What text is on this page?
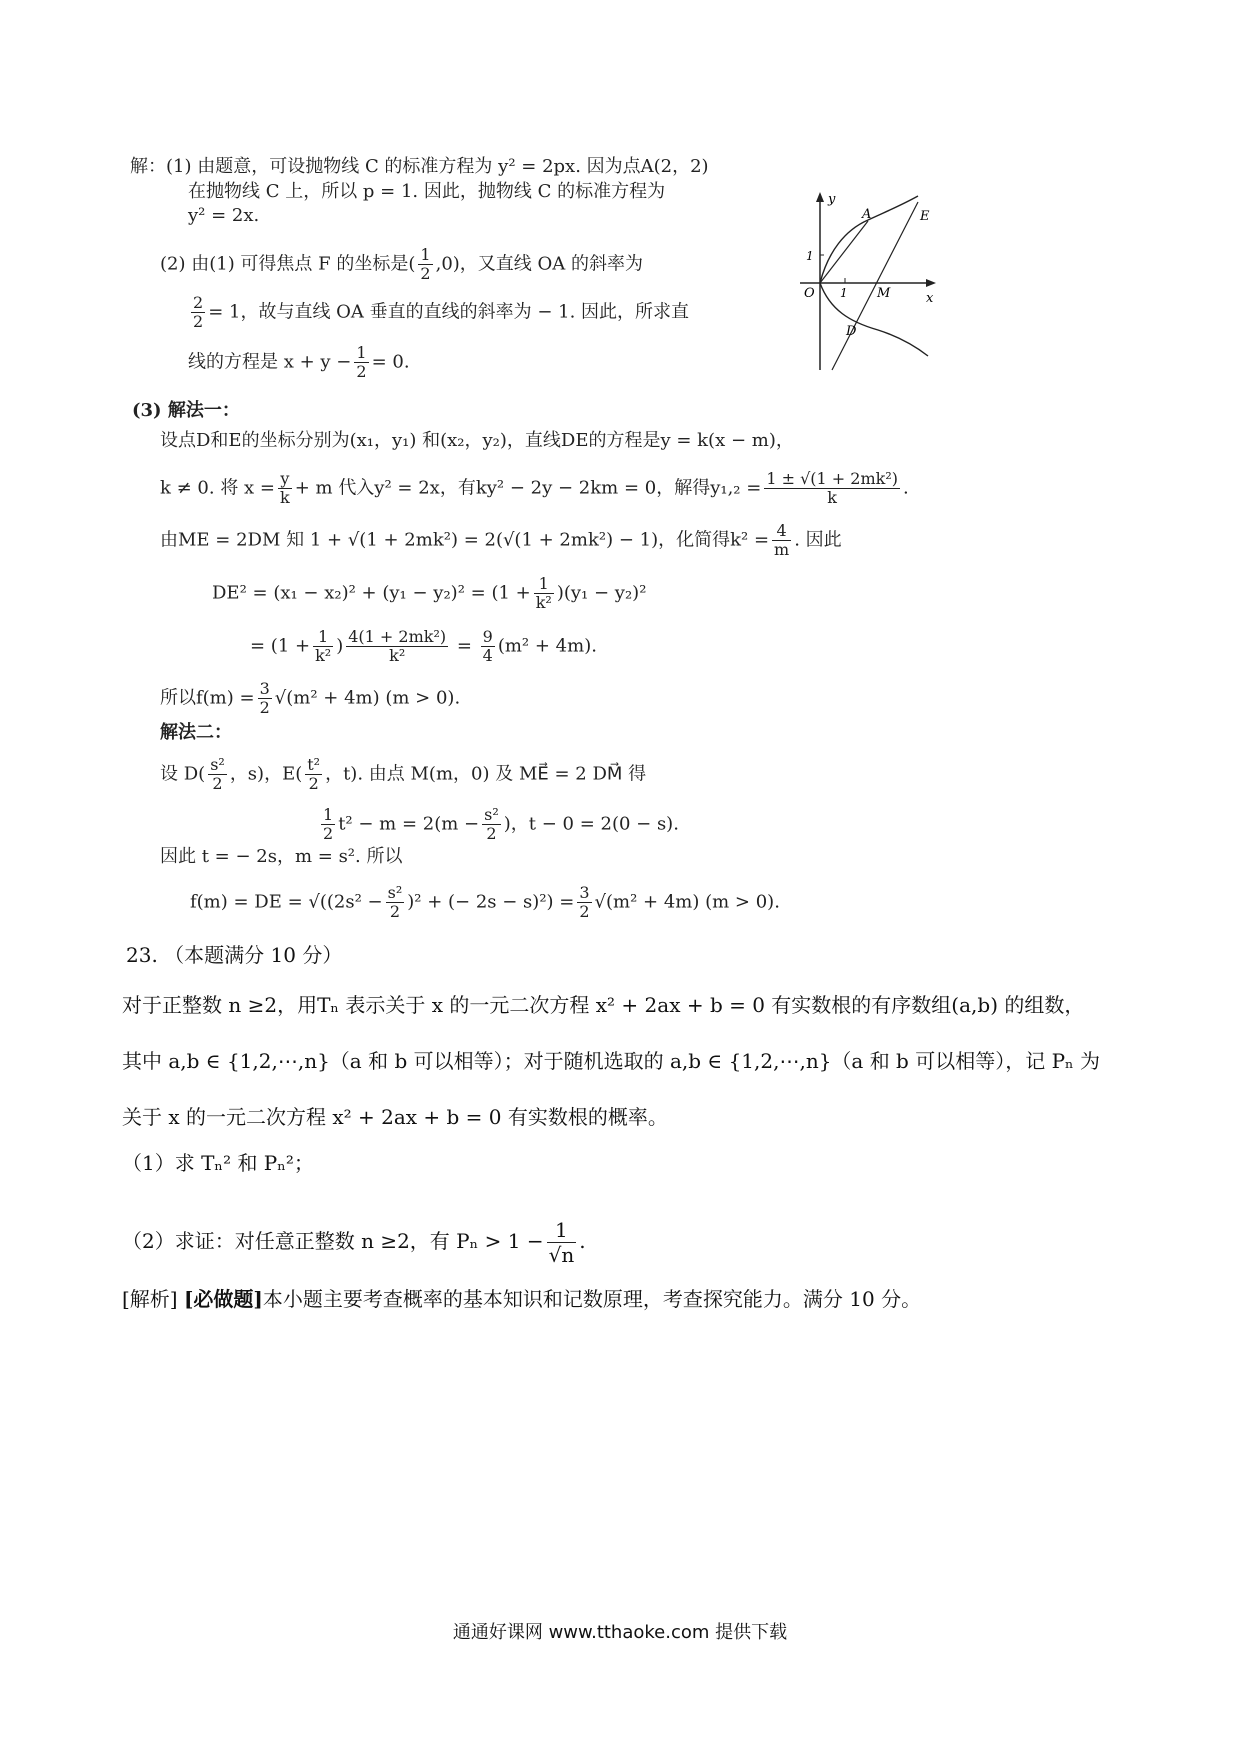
解：(1) 由题意，可设抛物线 C 的标准方程为 y² = 2px. 因为点A(2，2)
在抛物线 C 上，所以 p = 1. 因此，抛物线 C 的标准方程为
y² = 2x.
(2) 由(1) 可得焦点 F 的坐标是( $\frac{1}{2} ,0$)，又直线 OA 的斜率为
$\frac{2}{2} = 1$，故与直线 OA 垂直的直线的斜率为 − 1. 因此，所求直
线的方程是 $x + y - \frac{1}{2} = 0$.
y
x
O
1
1
A	E
M
D
(3) 解法一：
设点D和E的坐标分别为(x₁，y₁) 和(x₂，y₂)，直线DE的方程是y = k(x − m)，
k ≠ 0. 将 $x = \frac{y}{k} + m$ 代入y² = 2x，有ky² − 2y − 2km = 0，解得$y_1,_2 = \frac{\text{1 ± √(1 + 2mk²)}}{k}$ .
由ME = 2DM 知 1 + √(1 + 2mk²) = 2(√(1 + 2mk²) − 1)，化简得$k^2 = \frac{4}{m}$ . 因此
$DE^2 = (x_1 - x_2)^2 + (y_1 - y_2)^2 = (1 + \frac{1}{\text{k²}} )(y_1 - y_2)^2$
= ($1 + \frac{1}{\text{k²}}$ ) $\frac{\text{4(1 + 2mk²)}}{\text{k²}} = \frac{9}{4} (m^2 + 4m)$.
所以$f(m) = \frac{3}{2} √(m^2 + 4m) (m > 0)$.
解法二：
设 $D( \frac{\text{s²}}{2}$ ，s)，$E( \frac{\text{t²}}{2}$ ，t). 由点 M(m，0) 及 ME⃗ = 2 DM⃗ 得
$\frac{1}{2} t^2 - m = 2(m - \frac{\text{s²}}{2}$ )，t − 0 = 2(0 − s).
因此 t = − 2s，m = s². 所以
f(m) = DE = $√((2s^2 - \frac{\text{s²}}{2} )^2$ + (− $2s - s)^2) = \frac{3}{2} √(m^2 + 4m) (m > 0)$.
23. （本题满分 10 分）
对于正整数 n ≥2，用Tₙ 表示关于 x 的一元二次方程 x² + 2ax + b = 0 有实数根的有序数组(a,b) 的组数，
其中 a,b ∈ {1,2,⋯,n}（a 和 b 可以相等）；对于随机选取的 a,b ∈ {1,2,⋯,n}（a 和 b 可以相等），记 Pₙ 为
关于 x 的一元二次方程 x² + 2ax + b = 0 有实数根的概率。
（1）求 Tₙ² 和 Pₙ²；
（2）求证：对任意正整数 n ≥2，有 $P_n > 1 - \frac{1}{√n}$ .
[解析] [必做题]本小题主要考查概率的基本知识和记数原理，考查探究能力。满分 10 分。
通通好课网 www.tthaoke.com 提供下载
